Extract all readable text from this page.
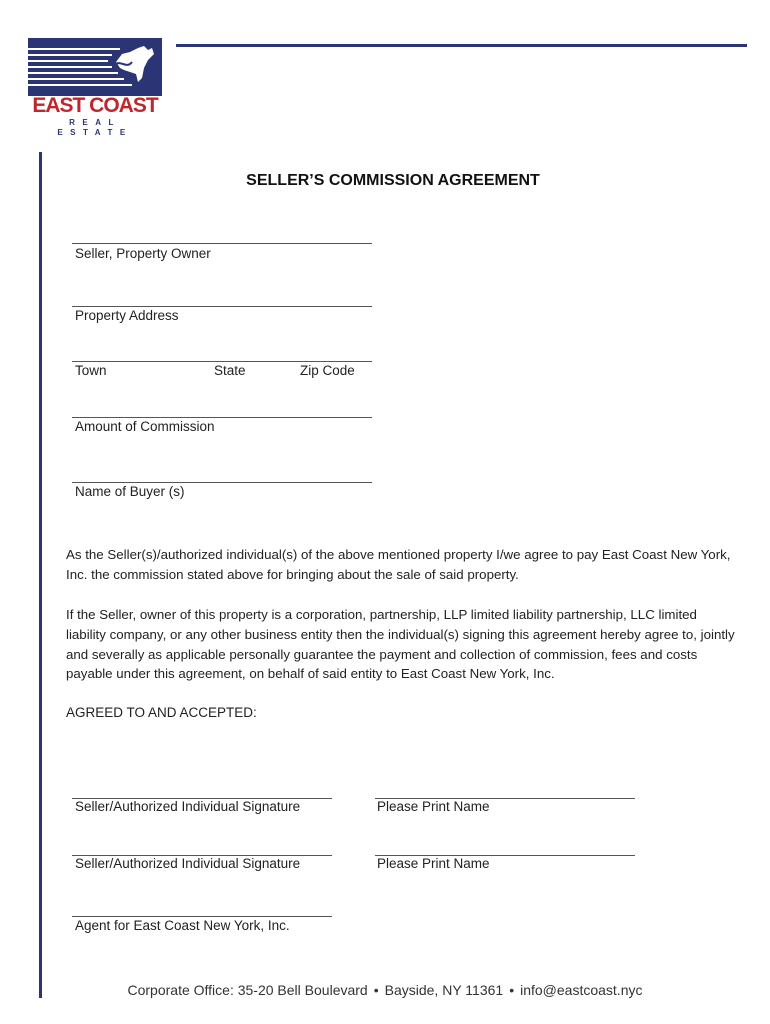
EAST COAST
REAL ESTATE
SELLER’S COMMISSION AGREEMENT
Seller, Property Owner
Property Address
Town	State	Zip Code
Amount of Commission
Name of Buyer (s)
As the Seller(s)/authorized individual(s) of the above mentioned property I/we agree to pay East Coast New York, Inc. the commission stated above for bringing about the sale of said property.
If the Seller, owner of this property is a corporation, partnership, LLP limited liability partnership, LLC limited liability company, or any other business entity then the individual(s) signing this agreement hereby agree to, jointly and severally as applicable personally guarantee the payment and collection of commission, fees and costs payable under this agreement, on behalf of said entity to East Coast New York, Inc.
AGREED TO AND ACCEPTED:
Seller/Authorized Individual Signature	Please Print Name
Seller/Authorized Individual Signature	Please Print Name
Agent for East Coast New York, Inc.
Corporate Office: 35-20 Bell Boulevard • Bayside, NY 11361 • info@eastcoast.nyc
